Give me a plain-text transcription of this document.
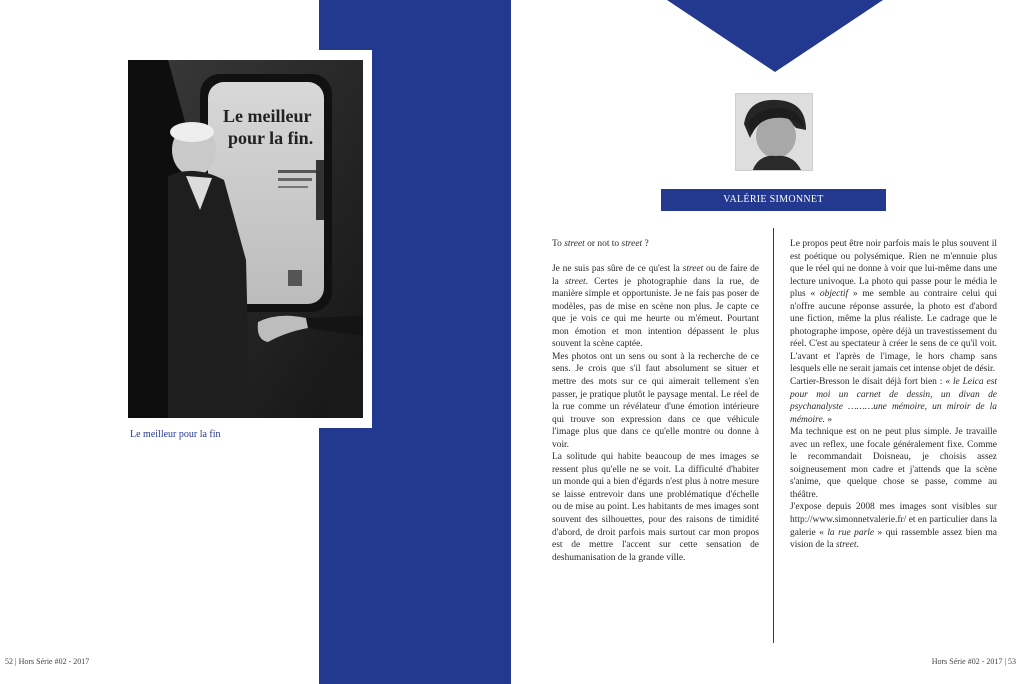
Le meilleur
pour la fin.
Le meilleur pour la fin
VALÉRIE SIMONNET

To street or not to street ?

Je ne suis pas sûre de ce qu'est la street ou de faire de la street. Certes je photographie dans la rue, de manière simple et opportuniste. Je ne fais pas poser de modèles, pas de mise en scène non plus. Je capte ce que je vois ce qui me heurte ou m'émeut. Pourtant mon émotion et mon intention dépassent le plus souvent la scène captée.

Mes photos ont un sens ou sont à la recherche de ce sens. Je crois que s'il faut absolument se situer et mettre des mots sur ce qui aimerait tellement s'en passer, je pratique plutôt le paysage mental. Le réel de la rue comme un révélateur d'une émotion intérieure qui trouve son expression dans ce que véhicule l'image plus que dans ce qu'elle montre ou donne à voir.

La solitude qui habite beaucoup de mes images se ressent plus qu'elle ne se voit. La difficulté d'habiter un monde qui a bien d'égards n'est plus à notre mesure se laisse entrevoir dans une problématique d'échelle ou de mise au point. Les habitants de mes images sont souvent des silhouettes, pour des raisons de timidité d'abord, de droit parfois mais surtout car mon propos est de mettre l'accent sur cette sensation de deshumanisation de la grande ville.

Le propos peut être noir parfois mais le plus souvent il est poétique ou polysémique. Rien ne m'ennuie plus que le réel qui ne donne à voir que lui-même dans une lecture univoque. La photo qui passe pour le média le plus « objectif » me semble au contraire celui qui n'offre aucune réponse assurée, la photo est d'abord une fiction, même la plus réaliste. Le cadrage que le photographe impose, opère déjà un travestissement du réel. C'est au spectateur à créer le sens de ce qu'il voit. L'avant et l'après de l'image, le hors champ sans lesquels elle ne serait jamais cet intense objet de désir.

Cartier-Bresson le disait déjà fort bien : « le Leica est pour moi un carnet de dessin, un divan de psychanalyste ………une mémoire, un miroir de la mémoire. »

Ma technique est on ne peut plus simple. Je travaille avec un reflex, une focale généralement fixe. Comme le recommandait Doisneau, je choisis assez soigneusement mon cadre et j'attends que la scène s'anime, que quelque chose se passe, comme au théâtre.

J'expose depuis 2008 mes images sont visibles sur http://www.simonnetvalerie.fr/ et en particulier dans la galerie « la rue parle » qui rassemble assez bien ma vision de la street.

52 | Hors Série #02 - 2017	Hors Série #02 - 2017 | 53
